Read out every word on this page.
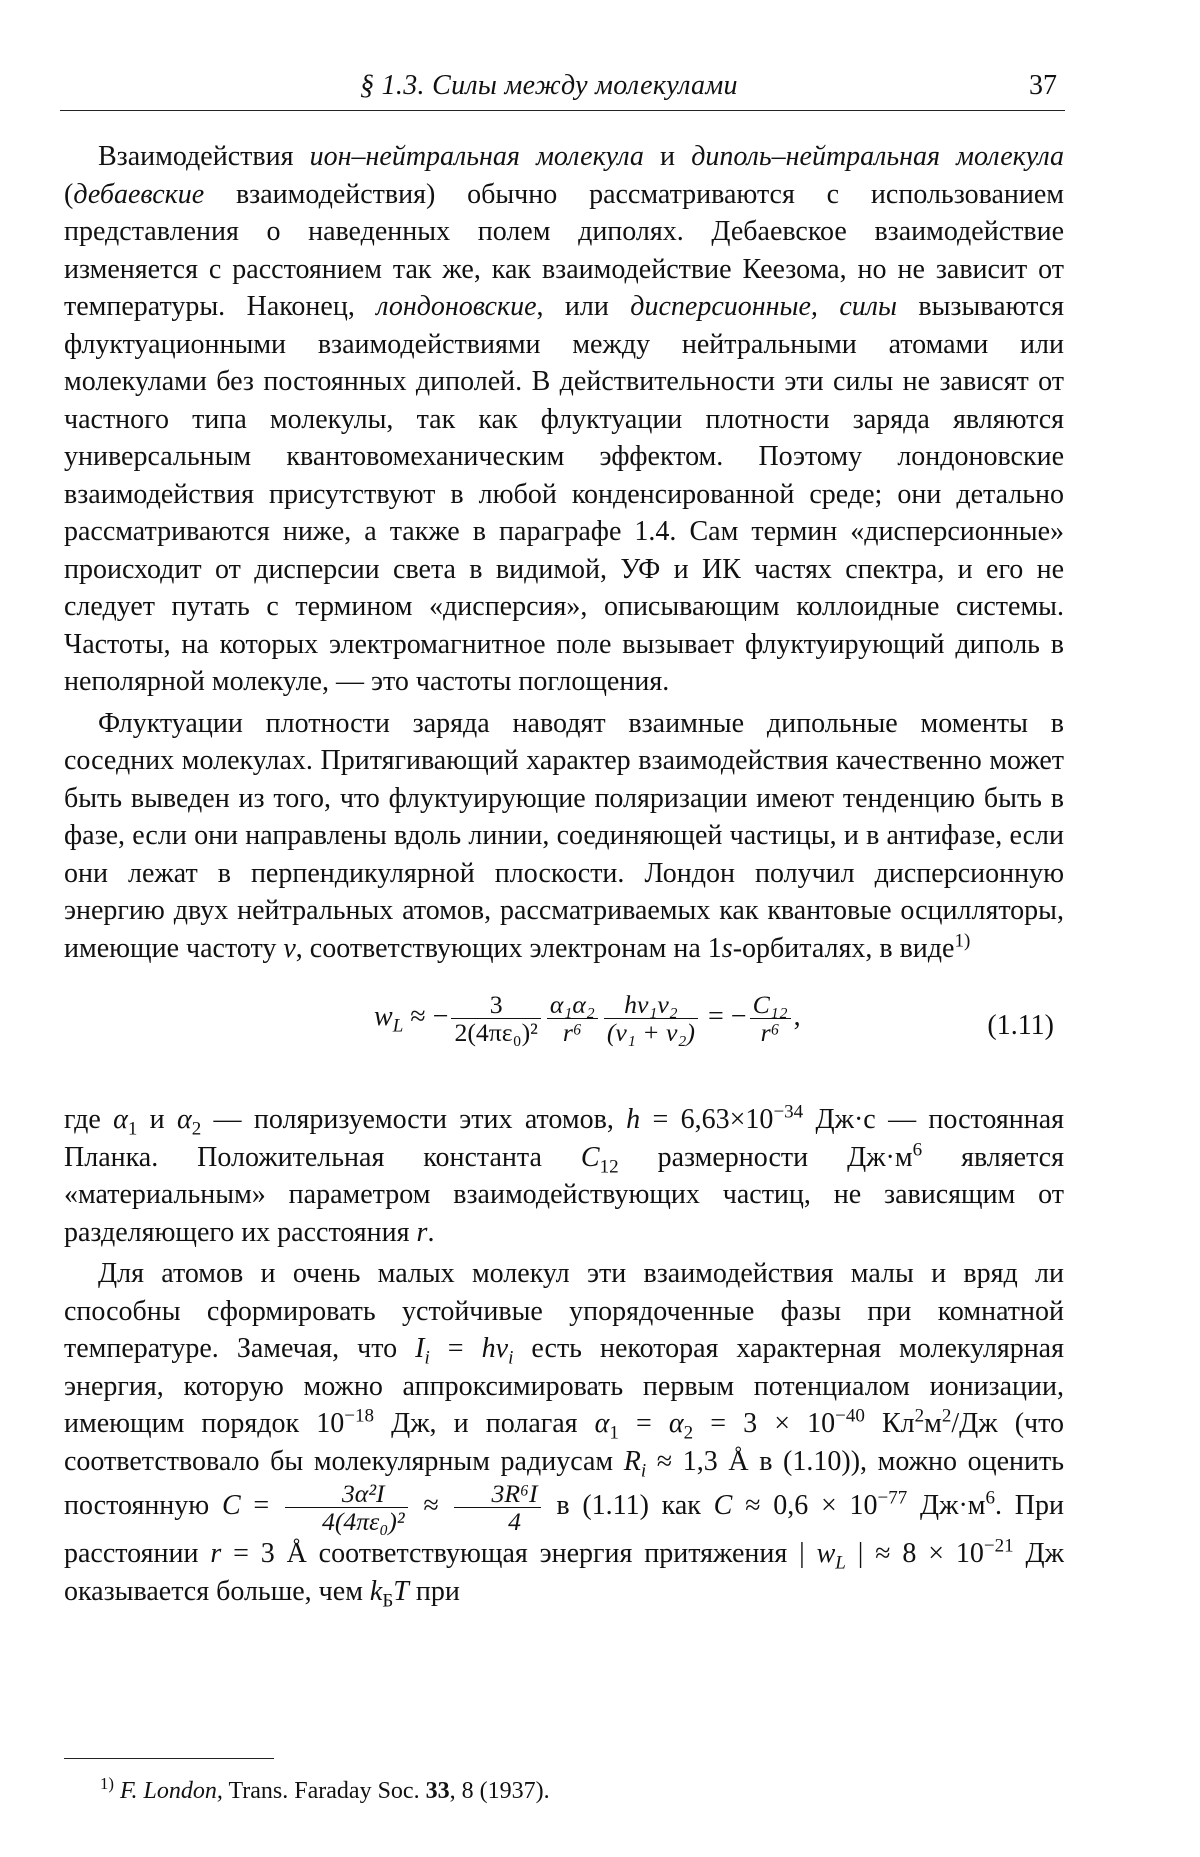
§ 1.3. Силы между молекулами	37

Взаимодействия ион–нейтральная молекула и диполь–нейтральная молекула (дебаевские взаимодействия) обычно рассматриваются с использованием представления о наведенных полем диполях. Дебаевское взаимодействие изменяется с расстоянием так же, как взаимодействие Кеезома, но не зависит от температуры. Наконец, лондоновские, или дисперсионные, силы вызываются флуктуационными взаимодействиями между нейтральными атомами или молекулами без постоянных диполей. В действительности эти силы не зависят от частного типа молекулы, так как флуктуации плотности заряда являются универсальным квантовомеханическим эффектом. Поэтому лондоновские взаимодействия присутствуют в любой конденсированной среде; они детально рассматриваются ниже, а также в параграфе 1.4. Сам термин «дисперсионные» происходит от дисперсии света в видимой, УФ и ИК частях спектра, и его не следует путать с термином «дисперсия», описывающим коллоидные системы. Частоты, на которых электромагнитное поле вызывает флуктуирующий диполь в неполярной молекуле, — это частоты поглощения.

Флуктуации плотности заряда наводят взаимные дипольные моменты в соседних молекулах. Притягивающий характер взаимодействия качественно может быть выведен из того, что флуктуирующие поляризации имеют тенденцию быть в фазе, если они направлены вдоль линии, соединяющей частицы, и в антифазе, если они лежат в перпендикулярной плоскости. Лондон получил дисперсионную энергию двух нейтральных атомов, рассматриваемых как квантовые осцилляторы, имеющие частоту ν, соответствующих электронам на 1s-орбиталях, в виде$^{1)}$

$w_L$ ≈ − $\frac{3}{\text{2(4πε₀)²}} \frac{\text{α₁α₂}}{\text{r⁶}} \frac{\text{hν₁ν₂}}{\text{(ν₁ + ν₂)}}$ = − $\frac{\text{C₁₂}}{\text{r⁶}}$ ,	(1.11)

где $\alpha_1$ и $\alpha_2$ — поляризуемости этих атомов, $h = 6,63\times 10^{-34}$ Дж·с — постоянная Планка. Положительная константа $C_{12}$ размерности $Дж\cdot м^6$ является «материальным» параметром взаимодействующих частиц, не зависящим от разделяющего их расстояния r.

Для атомов и очень малых молекул эти взаимодействия малы и вряд ли способны сформировать устойчивые упорядоченные фазы при комнатной температуре. Замечая, что $I_i = h\nu_i$ есть некоторая характерная молекулярная энергия, которую можно аппроксимировать первым потенциалом ионизации, имеющим порядок $10^{-18}$ Дж, и полагая $\alpha_1 = \alpha_2 = 3 \times 10^{-40}$ $Кл^2м^2/Дж$ (что соответствовало бы молекулярным радиусам $R_i \approx 1,3$ Å в (1.10)), можно оценить постоянную $C = \frac{\text{3α²I}}{\text{4(4πε₀)²}} \approx \frac{\text{3R⁶I}}{4}$ в (1.11) как $C \approx 0,6 \times 10^{-77}$ $Дж\cdot м^6$. При расстоянии r = 3 Å соответствующая энергия притяжения | $w_L$ | ≈ $8 \times 10^{-21}$ Дж оказывается больше, чем $k_БT$ при

$^{1)}$ F. London, Trans. Faraday Soc. 33, 8 (1937).
